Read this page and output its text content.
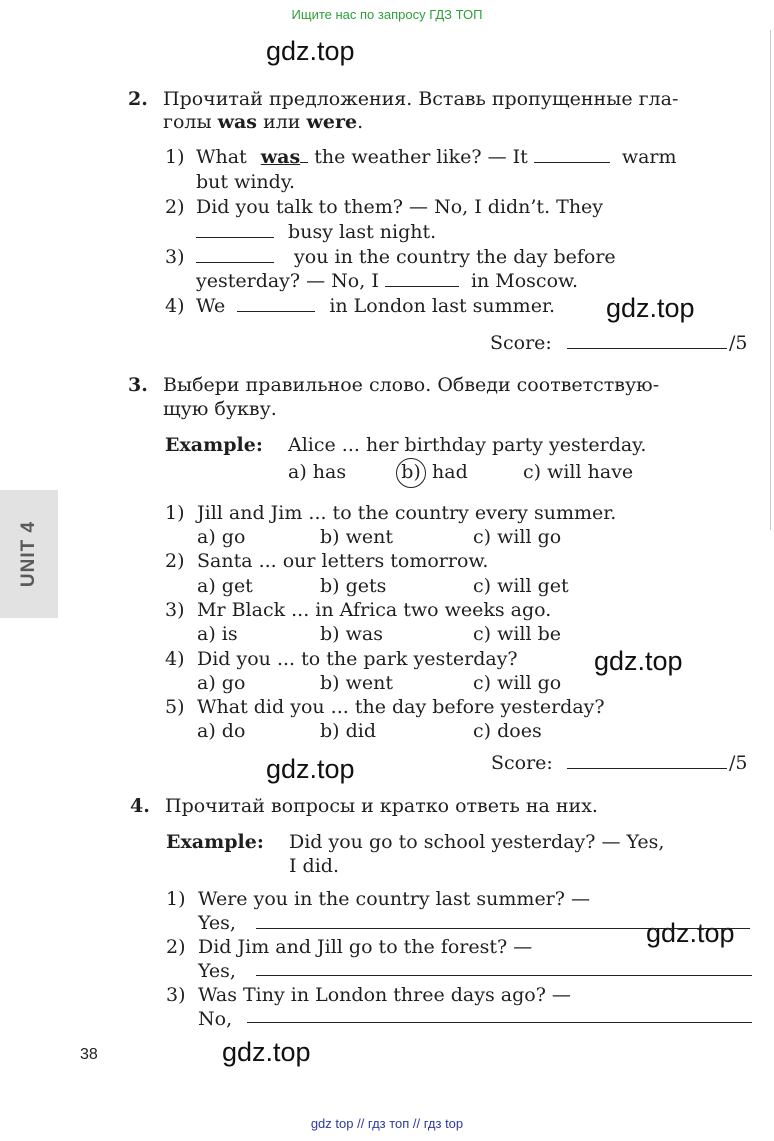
Ищите нас по запросу ГДЗ ТОП
gdz.top
gdz.top
gdz.top
gdz.top
gdz.top
gdz.top
UNIT 4
2. Прочитай предложения. Вставь пропущенные гла-
голы was или were.
1) What was the weather like? — It	warm
but windy.
2) Did you talk to them? — No, I didn’t. They
busy last night.
3)	you in the country the day before
yesterday? — No, I	in Moscow.
4) We	in London last summer.
Score:	/5
3. Выбери правильное слово. Обведи соответствую-
щую букву.
Example: Alice ... her birthday party yesterday.
a) has	b) had	c) will have
1) Jill and Jim ... to the country every summer.
a) go	b) went	c) will go
2) Santa ... our letters tomorrow.
a) get	b) gets	c) will get
3) Mr Black ... in Africa two weeks ago.
a) is	b) was	c) will be
4) Did you ... to the park yesterday?
a) go	b) went	c) will go
5) What did you ... the day before yesterday?
a) do	b) did	c) does
Score:	/5
4. Прочитай вопросы и кратко ответь на них.
Example: Did you go to school yesterday? — Yes,
I did.
1) Were you in the country last summer? —
Yes,
2) Did Jim and Jill go to the forest? —
Yes,
3) Was Tiny in London three days ago? —
No,
38
gdz top // гдз топ // гдз top
